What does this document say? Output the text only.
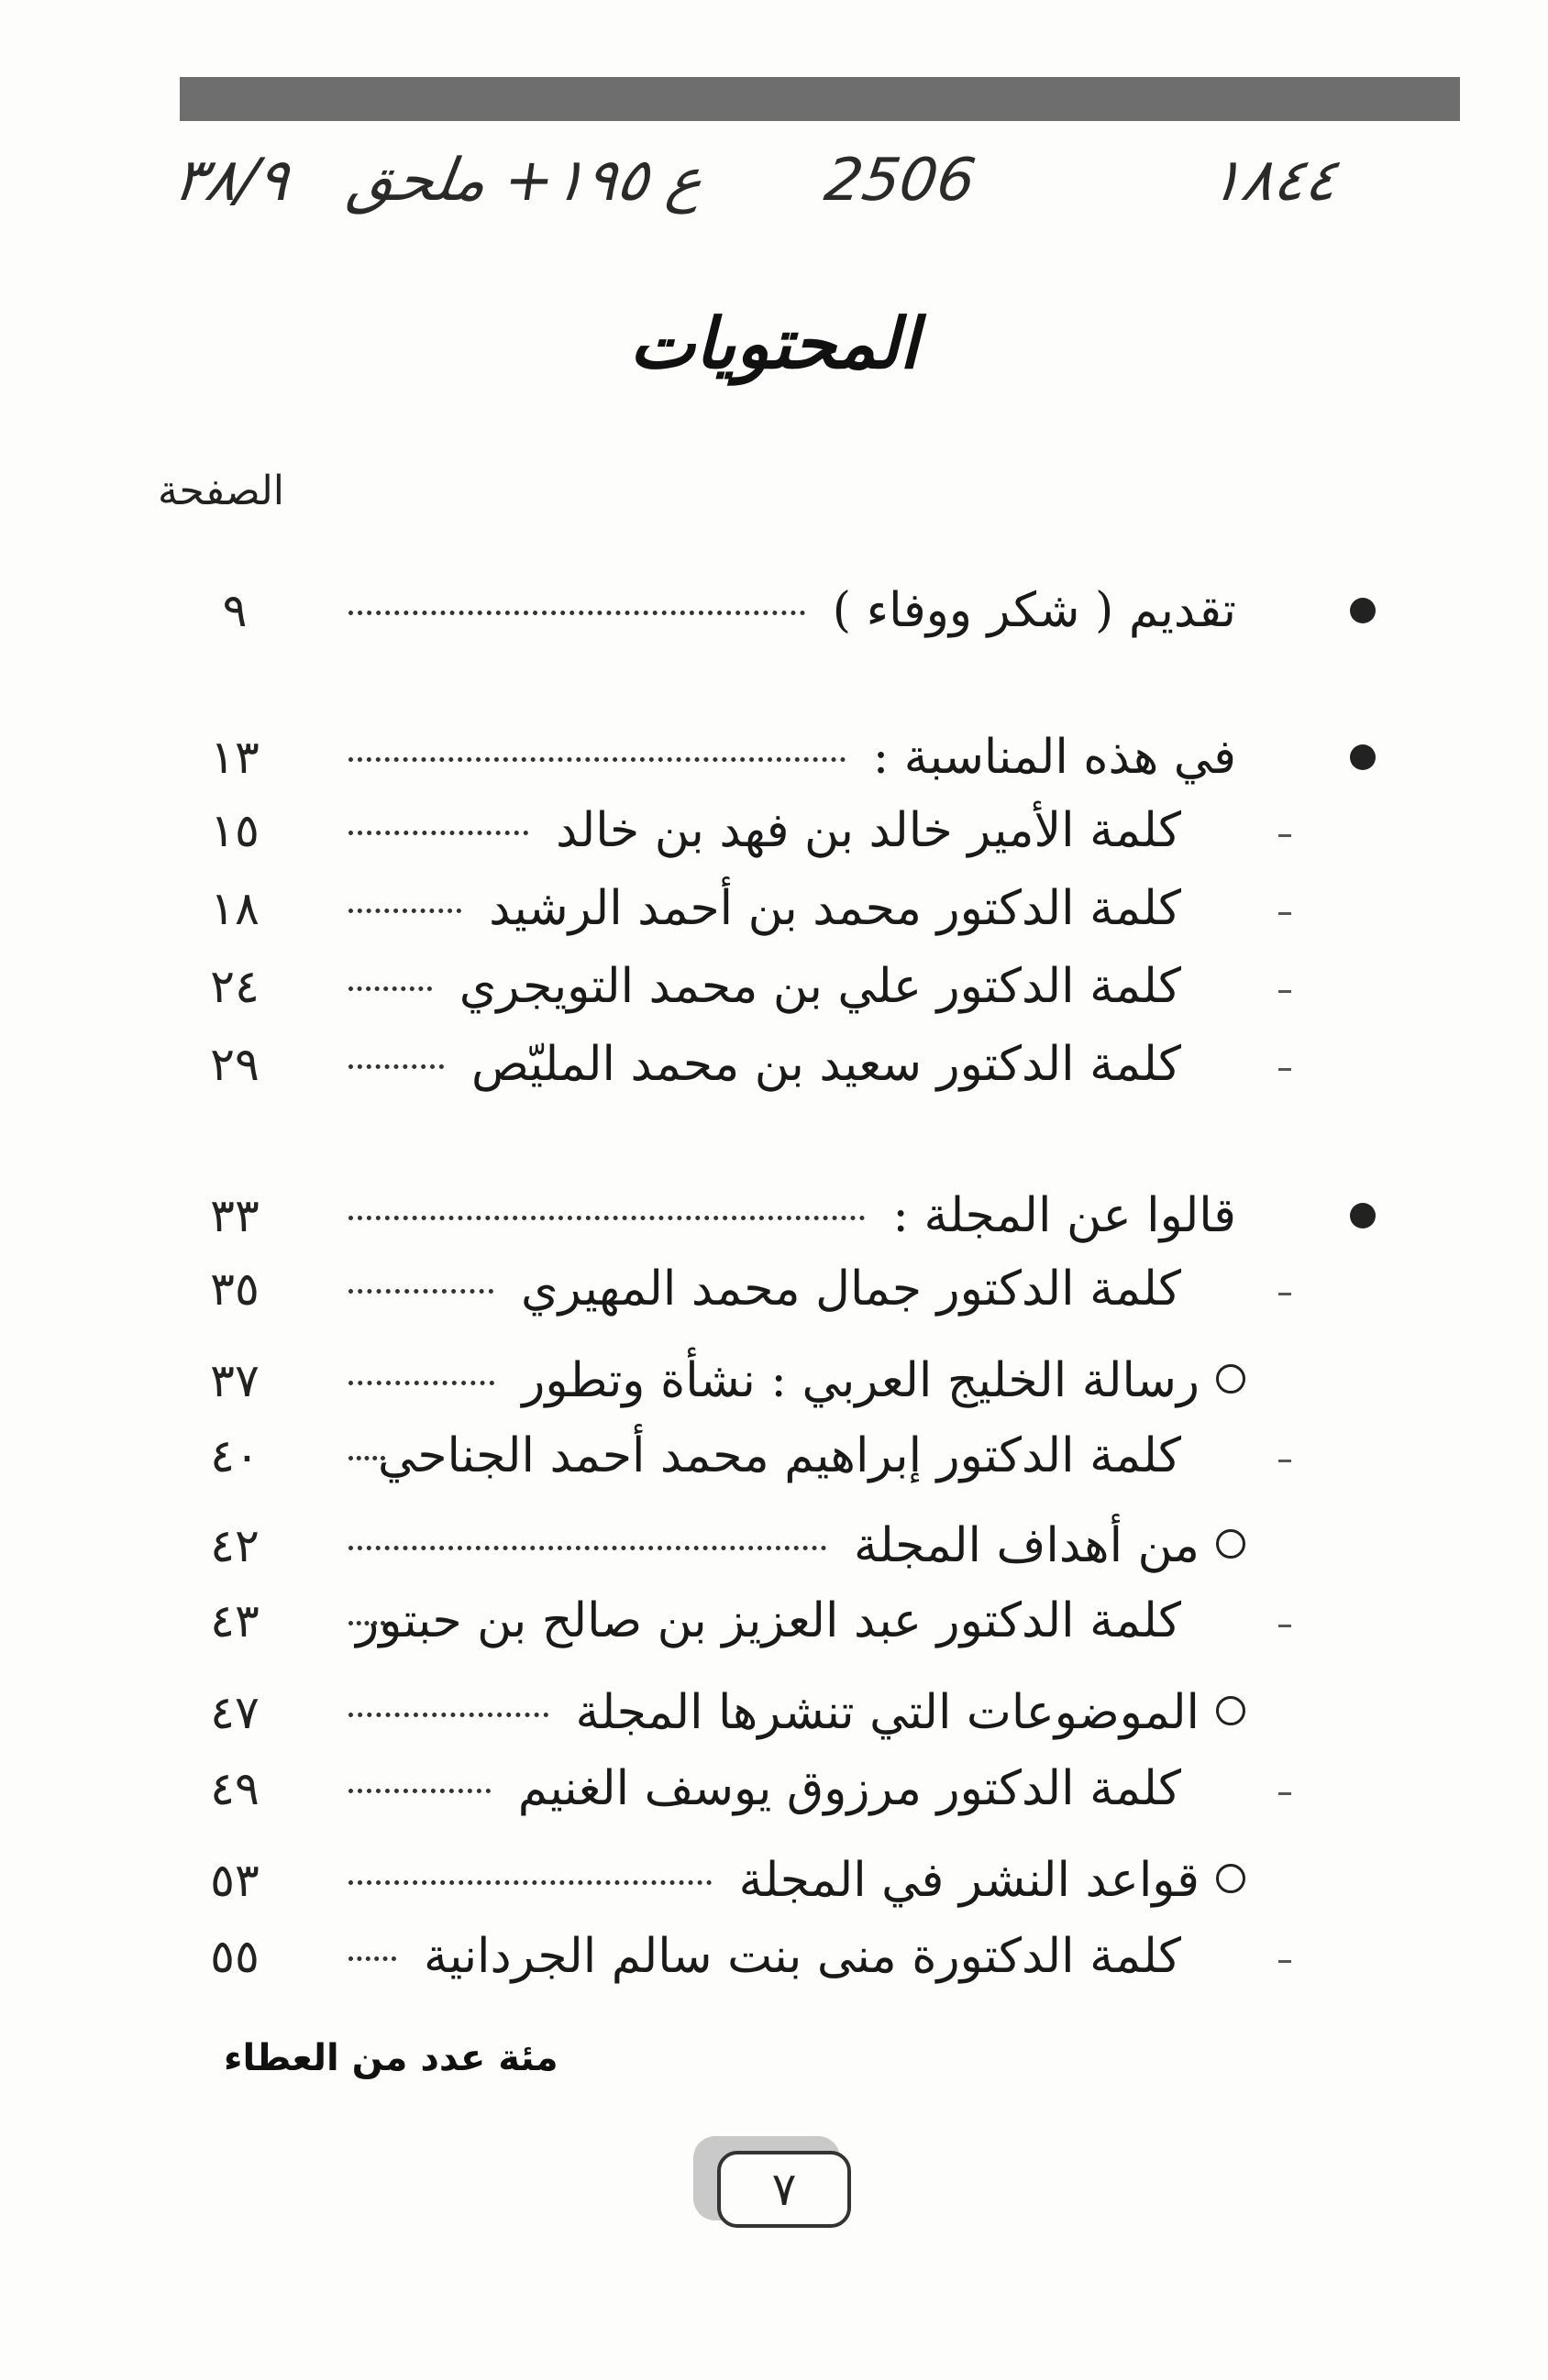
٣٨/٩ ع ١٩٥+ ملحق 2506	١٨٤٤
المحتويات
الصفحة
تقديم ( شكر ووفاء )
٩
في هذه المناسبة :
١٣
كلمة الأمير خالد بن فهد بن خالد
١٥
كلمة الدكتور محمد بن أحمد الرشيد
١٨
كلمة الدكتور علي بن محمد التويجري
٢٤
كلمة الدكتور سعيد بن محمد المليّص
٢٩
قالوا عن المجلة :
٣٣
كلمة الدكتور جمال محمد المهيري
٣٥
رسالة الخليج العربي : نشأة وتطور
٣٧
كلمة الدكتور إبراهيم محمد أحمد الجناحي
٤٠
من أهداف المجلة
٤٢
كلمة الدكتور عبد العزيز بن صالح بن حبتور
٤٣
الموضوعات التي تنشرها المجلة
٤٧
كلمة الدكتور مرزوق يوسف الغنيم
٤٩
قواعد النشر في المجلة
٥٣
كلمة الدكتورة منى بنت سالم الجردانية
٥٥
مئة عدد من العطاء
٧
